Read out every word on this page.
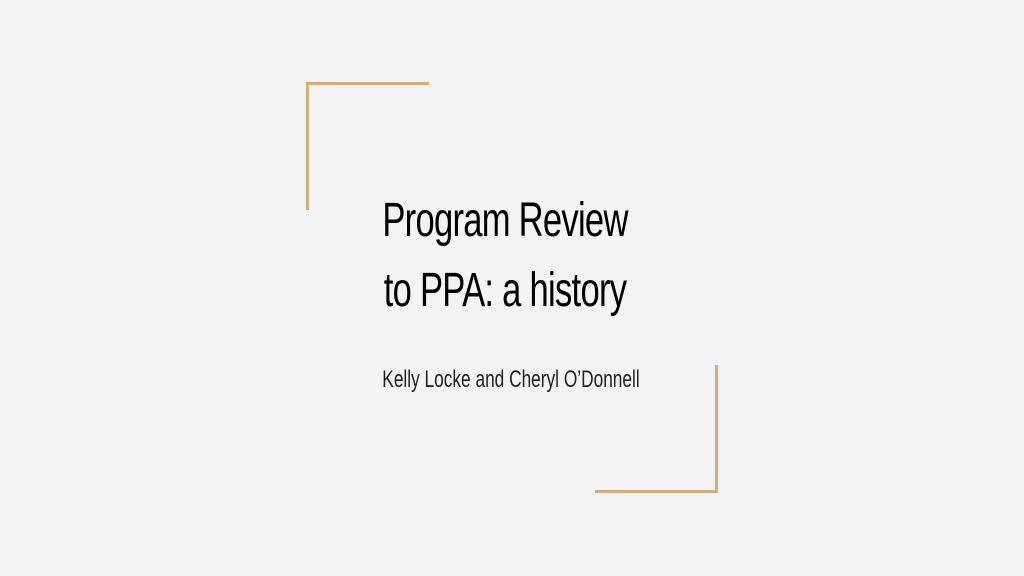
Program Review
to PPA: a history

Kelly Locke and Cheryl O’Donnell
